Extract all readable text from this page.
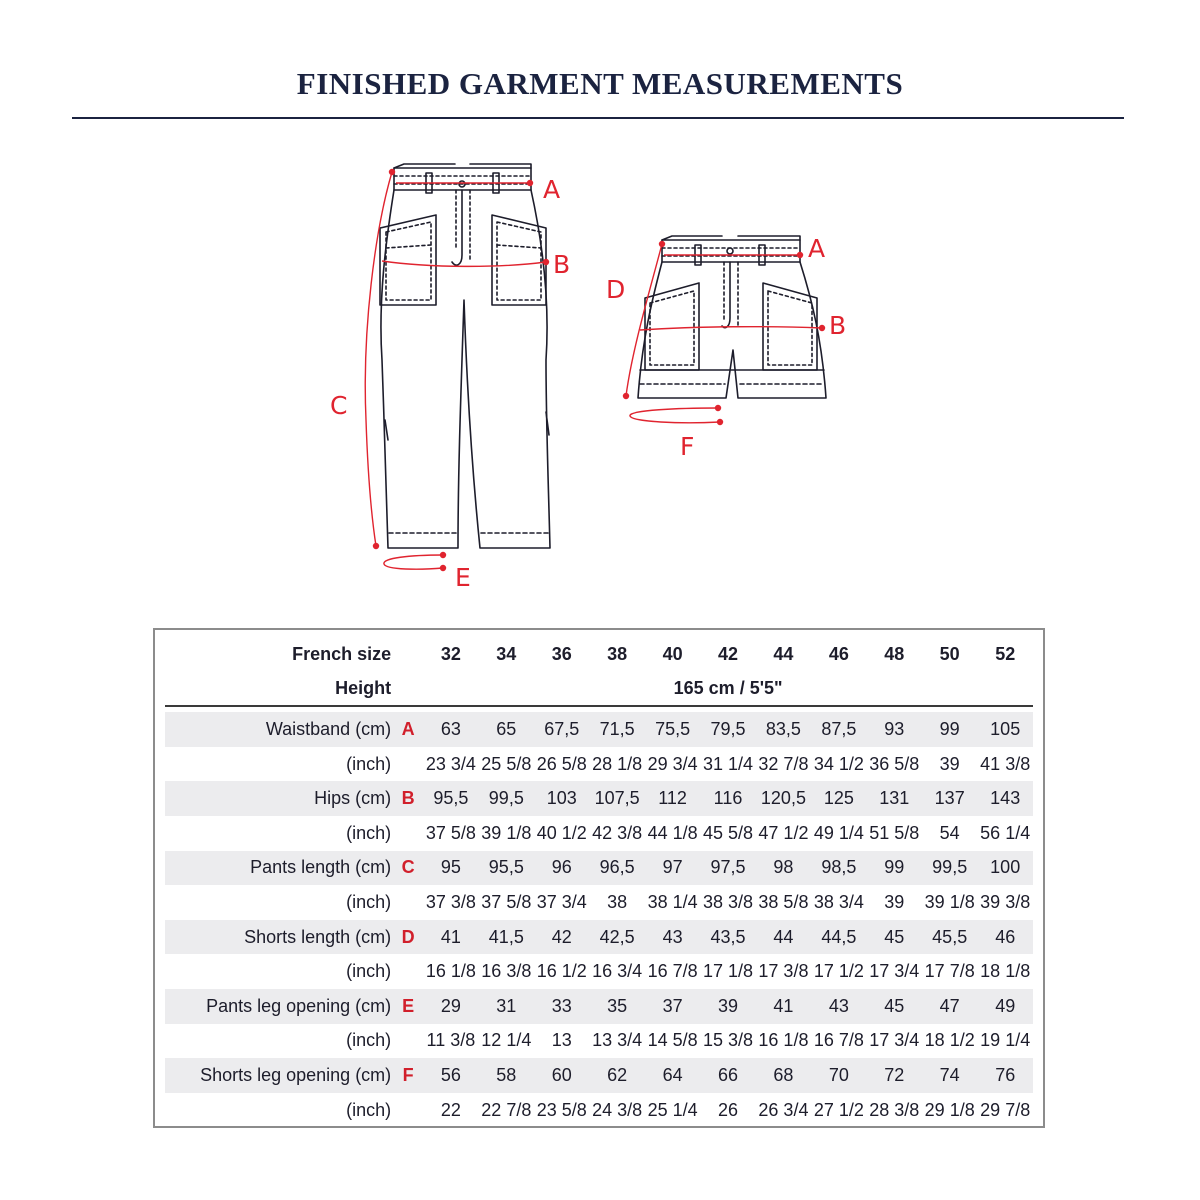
FINISHED GARMENT MEASUREMENTS
A
B
C
E
A
B
D
F
French size		32	34	36	38	40	42	44	46	48	50	52
Height		165 cm / 5'5"										

Waistband (cm)	A	63	65	67,5	71,5	75,5	79,5	83,5	87,5	93	99	105
(inch)		23 3/4	25 5/8	26 5/8	28 1/8	29 3/4	31 1/4	32 7/8	34 1/2	36 5/8	39	41 3/8
Hips (cm)	B	95,5	99,5	103	107,5	112	116	120,5	125	131	137	143
(inch)		37 5/8	39 1/8	40 1/2	42 3/8	44 1/8	45 5/8	47 1/2	49 1/4	51 5/8	54	56 1/4
Pants length (cm)	C	95	95,5	96	96,5	97	97,5	98	98,5	99	99,5	100
(inch)		37 3/8	37 5/8	37 3/4	38	38 1/4	38 3/8	38 5/8	38 3/4	39	39 1/8	39 3/8
Shorts length (cm)	D	41	41,5	42	42,5	43	43,5	44	44,5	45	45,5	46
(inch)		16 1/8	16 3/8	16 1/2	16 3/4	16 7/8	17 1/8	17 3/8	17 1/2	17 3/4	17 7/8	18 1/8
Pants leg opening (cm)	E	29	31	33	35	37	39	41	43	45	47	49
(inch)		11 3/8	12 1/4	13	13 3/4	14 5/8	15 3/8	16 1/8	16 7/8	17 3/4	18 1/2	19 1/4
Shorts leg opening (cm)	F	56	58	60	62	64	66	68	70	72	74	76
(inch)		22	22 7/8	23 5/8	24 3/8	25 1/4	26	26 3/4	27 1/2	28 3/8	29 1/8	29 7/8
